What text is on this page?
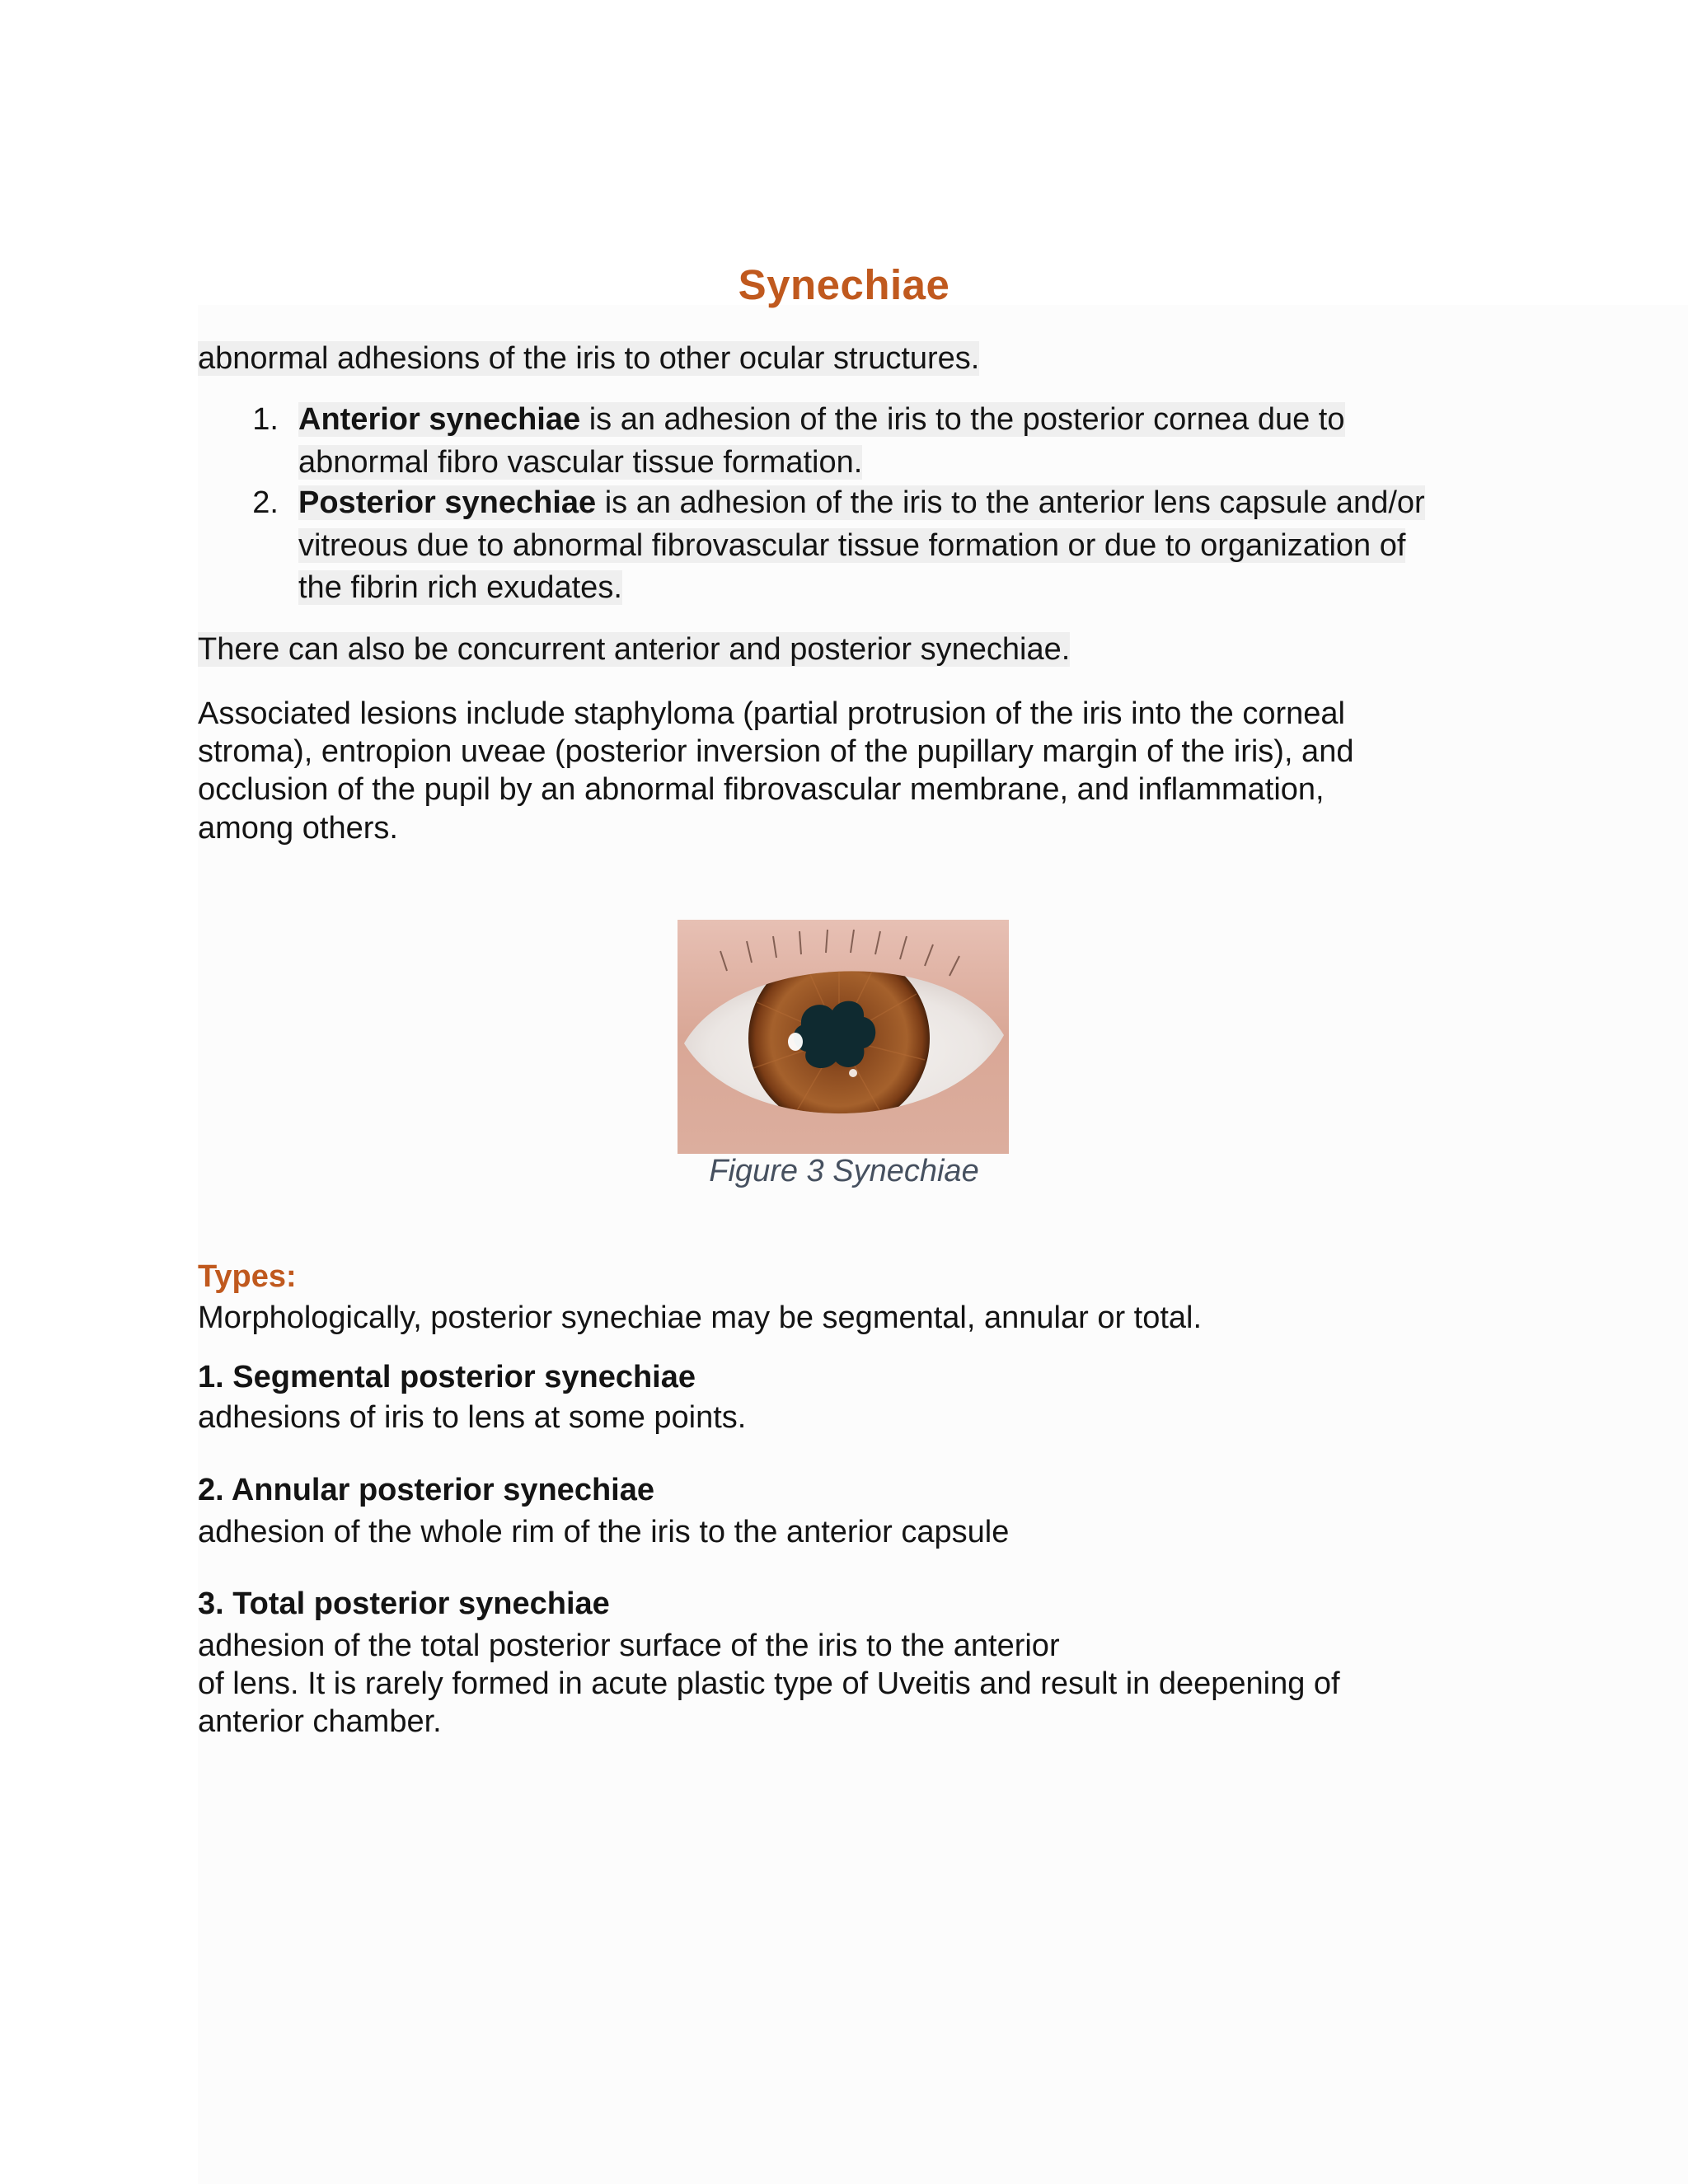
Synechiae
abnormal adhesions of the iris to other ocular structures.
1. Anterior synechiae is an adhesion of the iris to the posterior cornea due to
abnormal fibro vascular tissue formation.
2. Posterior synechiae is an adhesion of the iris to the anterior lens capsule and/or
vitreous due to abnormal fibrovascular tissue formation or due to organization of
the fibrin rich exudates.
There can also be concurrent anterior and posterior synechiae.
Associated lesions include staphyloma (partial protrusion of the iris into the corneal
stroma), entropion uveae (posterior inversion of the pupillary margin of the iris), and
occlusion of the pupil by an abnormal fibrovascular membrane, and inflammation,
among others.
Figure 3 Synechiae
Types:
Morphologically, posterior synechiae may be segmental, annular or total.
1. Segmental posterior synechiae
adhesions of iris to lens at some points.
2. Annular posterior synechiae
adhesion of the whole rim of the iris to the anterior capsule
3. Total posterior synechiae
adhesion of the total posterior surface of the iris to the anterior
of lens. It is rarely formed in acute plastic type of Uveitis and result in deepening of
anterior chamber.
